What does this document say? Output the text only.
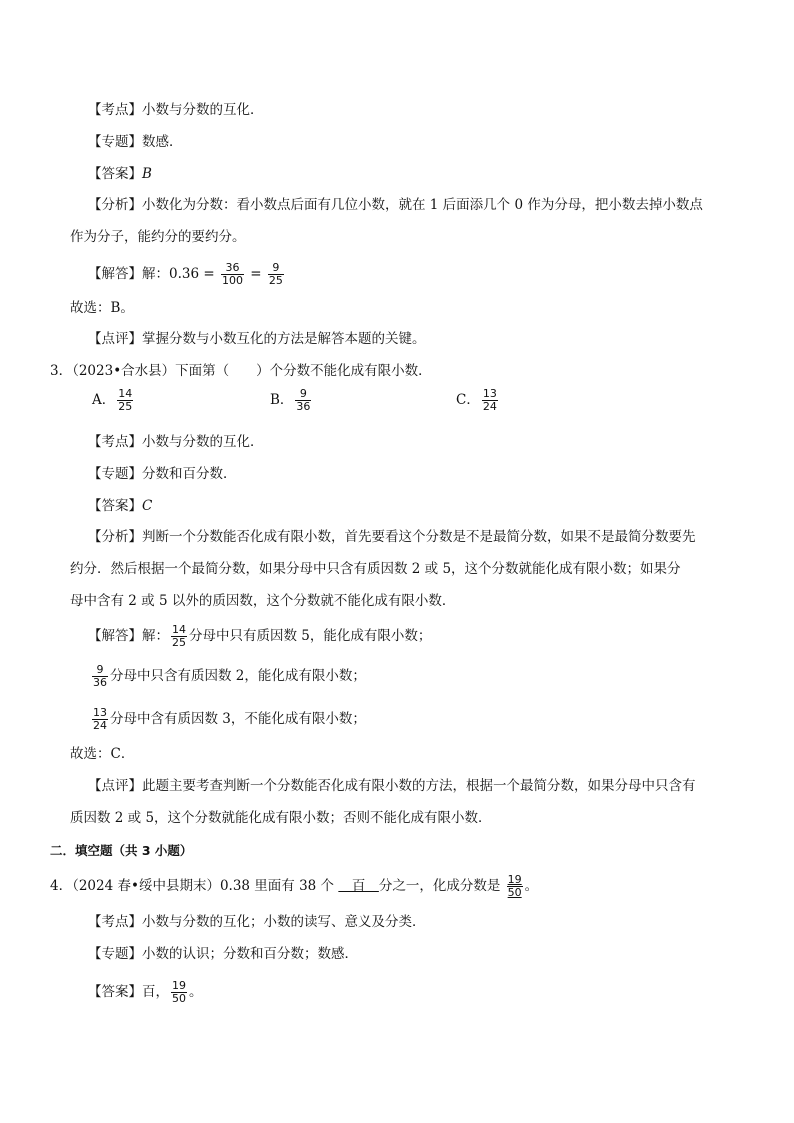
【考点】小数与分数的互化．
【专题】数感．
【答案】B
【分析】小数化为分数：看小数点后面有几位小数，就在 1 后面添几个 0 作为分母，把小数去掉小数点
作为分子，能约分的要约分。
【解答】解：$0.36 = \frac{36}{100} = \frac{9}{25}$
故选：B。
【点评】掌握分数与小数互化的方法是解答本题的关键。
3．（2023•合水县）下面第（　　）个分数不能化成有限小数．
A． $\frac{14}{25}$	B． $\frac{9}{36}$	C． $\frac{13}{24}$
【考点】小数与分数的互化．
【专题】分数和百分数．
【答案】C
【分析】判断一个分数能否化成有限小数，首先要看这个分数是不是最简分数，如果不是最简分数要先
约分．然后根据一个最简分数，如果分母中只含有质因数 2 或 5，这个分数就能化成有限小数；如果分
母中含有 2 或 5 以外的质因数，这个分数就不能化成有限小数．
【解答】解： $\frac{14}{25}$ 分母中只有质因数 5，能化成有限小数；
$\frac{9}{36}$ 分母中只含有质因数 2，能化成有限小数；
$\frac{13}{24}$ 分母中含有质因数 3，不能化成有限小数；
故选：C．
【点评】此题主要考查判断一个分数能否化成有限小数的方法，根据一个最简分数，如果分母中只含有
质因数 2 或 5，这个分数就能化成有限小数；否则不能化成有限小数．
二．填空题（共 3 小题）
4．（2024 春•绥中县期末）0.38 里面有 38 个 　百　分之一，化成分数是 $\frac{19}{50}$ 。
【考点】小数与分数的互化；小数的读写、意义及分类．
【专题】小数的认识；分数和百分数；数感．
【答案】百， $\frac{19}{50}$ 。
